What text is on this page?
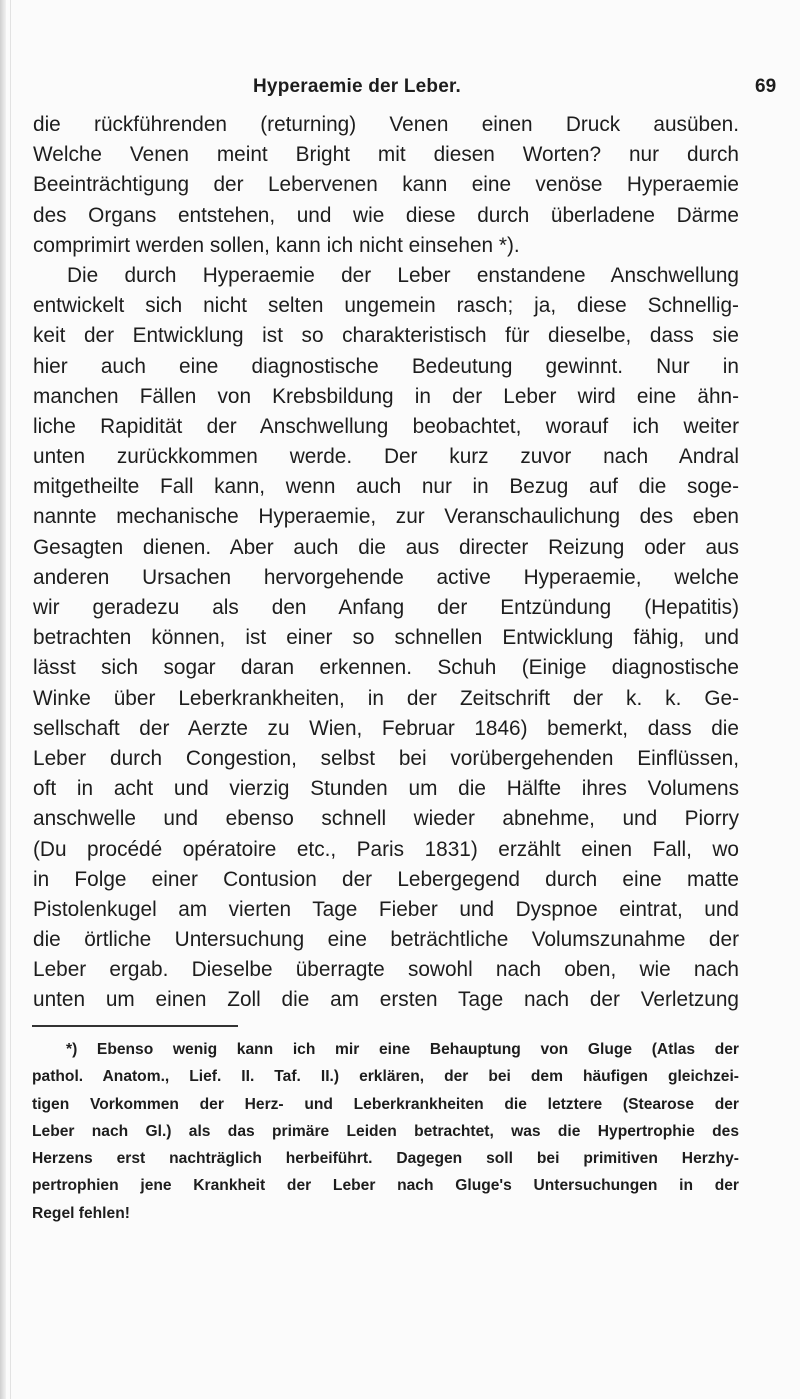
Hyperaemie der Leber.	69
die rückführenden (returning) Venen einen Druck ausüben.
Welche Venen meint Bright mit diesen Worten? nur durch
Beeinträchtigung der Lebervenen kann eine venöse Hyperaemie
des Organs entstehen, und wie diese durch überladene Därme
comprimirt werden sollen, kann ich nicht einsehen *).
Die durch Hyperaemie der Leber enstandene Anschwellung
entwickelt sich nicht selten ungemein rasch; ja, diese Schnellig-
keit der Entwicklung ist so charakteristisch für dieselbe, dass sie
hier auch eine diagnostische Bedeutung gewinnt. Nur in
manchen Fällen von Krebsbildung in der Leber wird eine ähn-
liche Rapidität der Anschwellung beobachtet, worauf ich weiter
unten zurückkommen werde. Der kurz zuvor nach Andral
mitgetheilte Fall kann, wenn auch nur in Bezug auf die soge-
nannte mechanische Hyperaemie, zur Veranschaulichung des eben
Gesagten dienen. Aber auch die aus directer Reizung oder aus
anderen Ursachen hervorgehende active Hyperaemie, welche
wir geradezu als den Anfang der Entzündung (Hepatitis)
betrachten können, ist einer so schnellen Entwicklung fähig, und
lässt sich sogar daran erkennen. Schuh (Einige diagnostische
Winke über Leberkrankheiten, in der Zeitschrift der k. k. Ge-
sellschaft der Aerzte zu Wien, Februar 1846) bemerkt, dass die
Leber durch Congestion, selbst bei vorübergehenden Einflüssen,
oft in acht und vierzig Stunden um die Hälfte ihres Volumens
anschwelle und ebenso schnell wieder abnehme, und Piorry
(Du procédé opératoire etc., Paris 1831) erzählt einen Fall, wo
in Folge einer Contusion der Lebergegend durch eine matte
Pistolenkugel am vierten Tage Fieber und Dyspnoe eintrat, und
die örtliche Untersuchung eine beträchtliche Volumszunahme der
Leber ergab. Dieselbe überragte sowohl nach oben, wie nach
unten um einen Zoll die am ersten Tage nach der Verletzung
*) Ebenso wenig kann ich mir eine Behauptung von Gluge (Atlas der
pathol. Anatom., Lief. II. Taf. II.) erklären, der bei dem häufigen gleichzei-
tigen Vorkommen der Herz- und Leberkrankheiten die letztere (Stearose der
Leber nach Gl.) als das primäre Leiden betrachtet, was die Hypertrophie des
Herzens erst nachträglich herbeiführt. Dagegen soll bei primitiven Herzhy-
pertrophien jene Krankheit der Leber nach Gluge's Untersuchungen in der
Regel fehlen!
